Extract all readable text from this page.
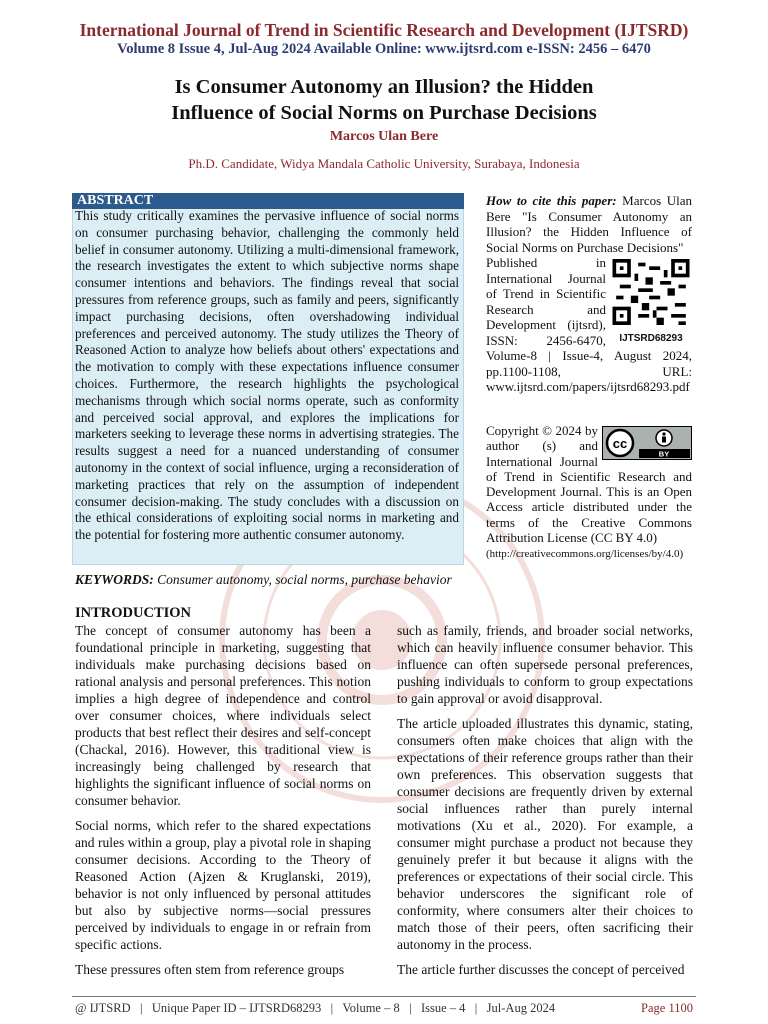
International Journal of Trend in Scientific Research and Development (IJTSRD)
Volume 8 Issue 4, Jul-Aug 2024 Available Online: www.ijtsrd.com e-ISSN: 2456 – 6470
Is Consumer Autonomy an Illusion? the Hidden
Influence of Social Norms on Purchase Decisions
Marcos Ulan Bere
Ph.D. Candidate, Widya Mandala Catholic University, Surabaya, Indonesia
ABSTRACT
This study critically examines the pervasive influence of social norms on consumer purchasing behavior, challenging the commonly held belief in consumer autonomy. Utilizing a multi-dimensional framework, the research investigates the extent to which subjective norms shape consumer intentions and behaviors. The findings reveal that social pressures from reference groups, such as family and peers, significantly impact purchasing decisions, often overshadowing individual preferences and perceived autonomy. The study utilizes the Theory of Reasoned Action to analyze how beliefs about others' expectations and the motivation to comply with these expectations influence consumer choices. Furthermore, the research highlights the psychological mechanisms through which social norms operate, such as conformity and perceived social approval, and explores the implications for marketers seeking to leverage these norms in advertising strategies. The results suggest a need for a nuanced understanding of consumer autonomy in the context of social influence, urging a reconsideration of marketing practices that rely on the assumption of independent consumer decision-making. The study concludes with a discussion on the ethical considerations of exploiting social norms in marketing and the potential for fostering more authentic consumer autonomy.
How to cite this paper: Marcos Ulan Bere "Is Consumer Autonomy an Illusion? the Hidden Influence of Social Norms on Purchase Decisions"
IJTSRD68293
Published in International Journal of Trend in Scientific Research and Development (ijtsrd), ISSN: 2456-6470, Volume-8 | Issue-4, August 2024, pp.1100-1108, URL: www.ijtsrd.com/papers/ijtsrd68293.pdf
cc
BY
Copyright © 2024 by author (s) and International Journal of Trend in Scientific Research and Development Journal. This is an Open Access article distributed under the terms of the Creative Commons Attribution License (CC BY 4.0)
(http://creativecommons.org/licenses/by/4.0)
KEYWORDS: Consumer autonomy, social norms, purchase behavior
INTRODUCTION

The concept of consumer autonomy has been a foundational principle in marketing, suggesting that individuals make purchasing decisions based on rational analysis and personal preferences. This notion implies a high degree of independence and control over consumer choices, where individuals select products that best reflect their desires and self-concept (Chackal, 2016). However, this traditional view is increasingly being challenged by research that highlights the significant influence of social norms on consumer behavior.

Social norms, which refer to the shared expectations and rules within a group, play a pivotal role in shaping consumer decisions. According to the Theory of Reasoned Action (Ajzen & Kruglanski, 2019), behavior is not only influenced by personal attitudes but also by subjective norms—social pressures perceived by individuals to engage in or refrain from specific actions.

These pressures often stem from reference groups

such as family, friends, and broader social networks, which can heavily influence consumer behavior. This influence can often supersede personal preferences, pushing individuals to conform to group expectations to gain approval or avoid disapproval.

The article uploaded illustrates this dynamic, stating, consumers often make choices that align with the expectations of their reference groups rather than their own preferences. This observation suggests that consumer decisions are frequently driven by external social influences rather than purely internal motivations (Xu et al., 2020). For example, a consumer might purchase a product not because they genuinely prefer it but because it aligns with the preferences or expectations of their social circle. This behavior underscores the significant role of conformity, where consumers alter their choices to match those of their peers, often sacrificing their autonomy in the process.

The article further discusses the concept of perceived

@ IJTSRD   |   Unique Paper ID – IJTSRD68293   |   Volume – 8   |   Issue – 4   |   Jul-Aug 2024	Page 1100
